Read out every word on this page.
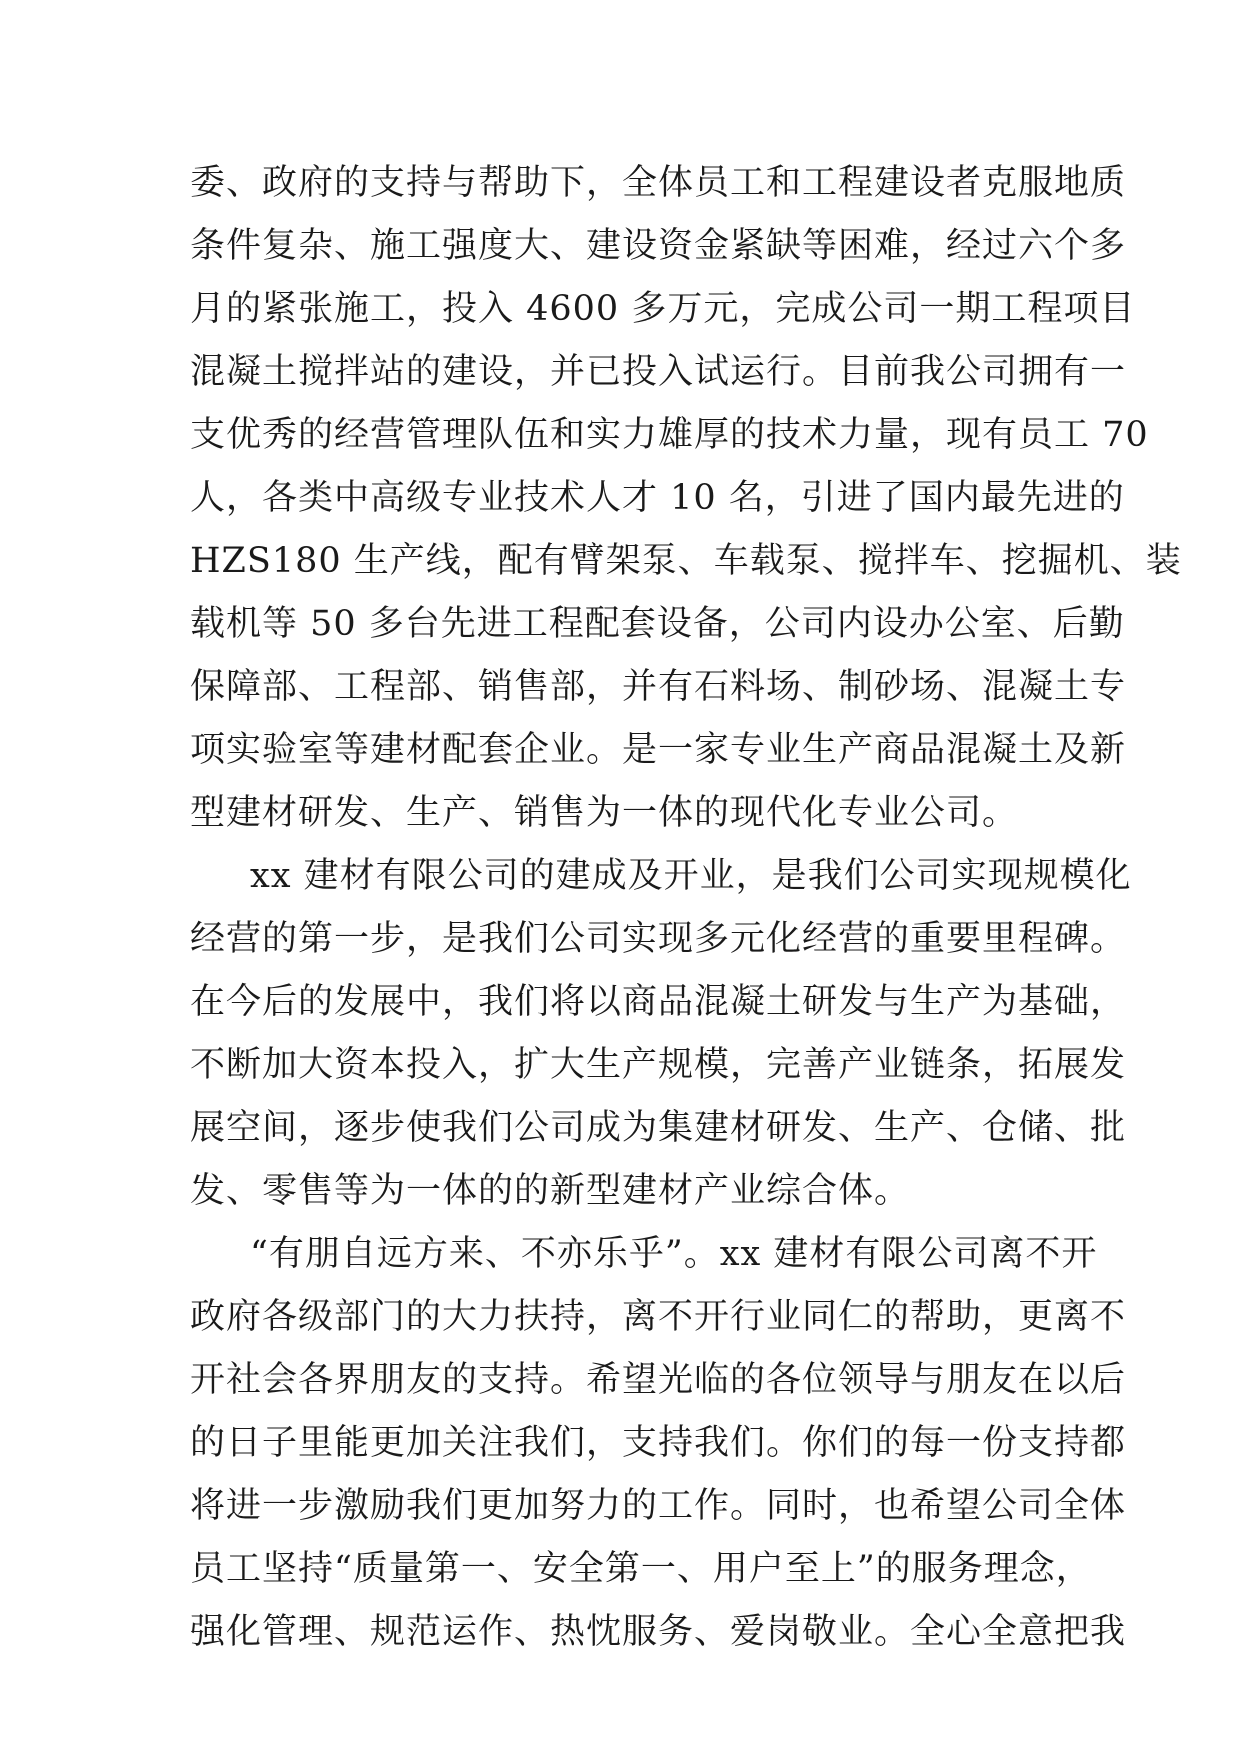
委、政府的支持与帮助下，全体员工和工程建设者克服地质
条件复杂、施工强度大、建设资金紧缺等困难，经过六个多
月的紧张施工，投入 4600 多万元，完成公司一期工程项目
混凝土搅拌站的建设，并已投入试运行。目前我公司拥有一
支优秀的经营管理队伍和实力雄厚的技术力量，现有员工 70
人，各类中高级专业技术人才 10 名，引进了国内最先进的
HZS180 生产线，配有臂架泵、车载泵、搅拌车、挖掘机、装
载机等 50 多台先进工程配套设备，公司内设办公室、后勤
保障部、工程部、销售部，并有石料场、制砂场、混凝土专
项实验室等建材配套企业。是一家专业生产商品混凝土及新
型建材研发、生产、销售为一体的现代化专业公司。
xx 建材有限公司的建成及开业，是我们公司实现规模化
经营的第一步，是我们公司实现多元化经营的重要里程碑。
在今后的发展中，我们将以商品混凝土研发与生产为基础，
不断加大资本投入，扩大生产规模，完善产业链条，拓展发
展空间，逐步使我们公司成为集建材研发、生产、仓储、批
发、零售等为一体的的新型建材产业综合体。
“有朋自远方来、不亦乐乎”。xx 建材有限公司离不开
政府各级部门的大力扶持，离不开行业同仁的帮助，更离不
开社会各界朋友的支持。希望光临的各位领导与朋友在以后
的日子里能更加关注我们，支持我们。你们的每一份支持都
将进一步激励我们更加努力的工作。同时，也希望公司全体
员工坚持“质量第一、安全第一、用户至上”的服务理念，
强化管理、规范运作、热忱服务、爱岗敬业。全心全意把我
